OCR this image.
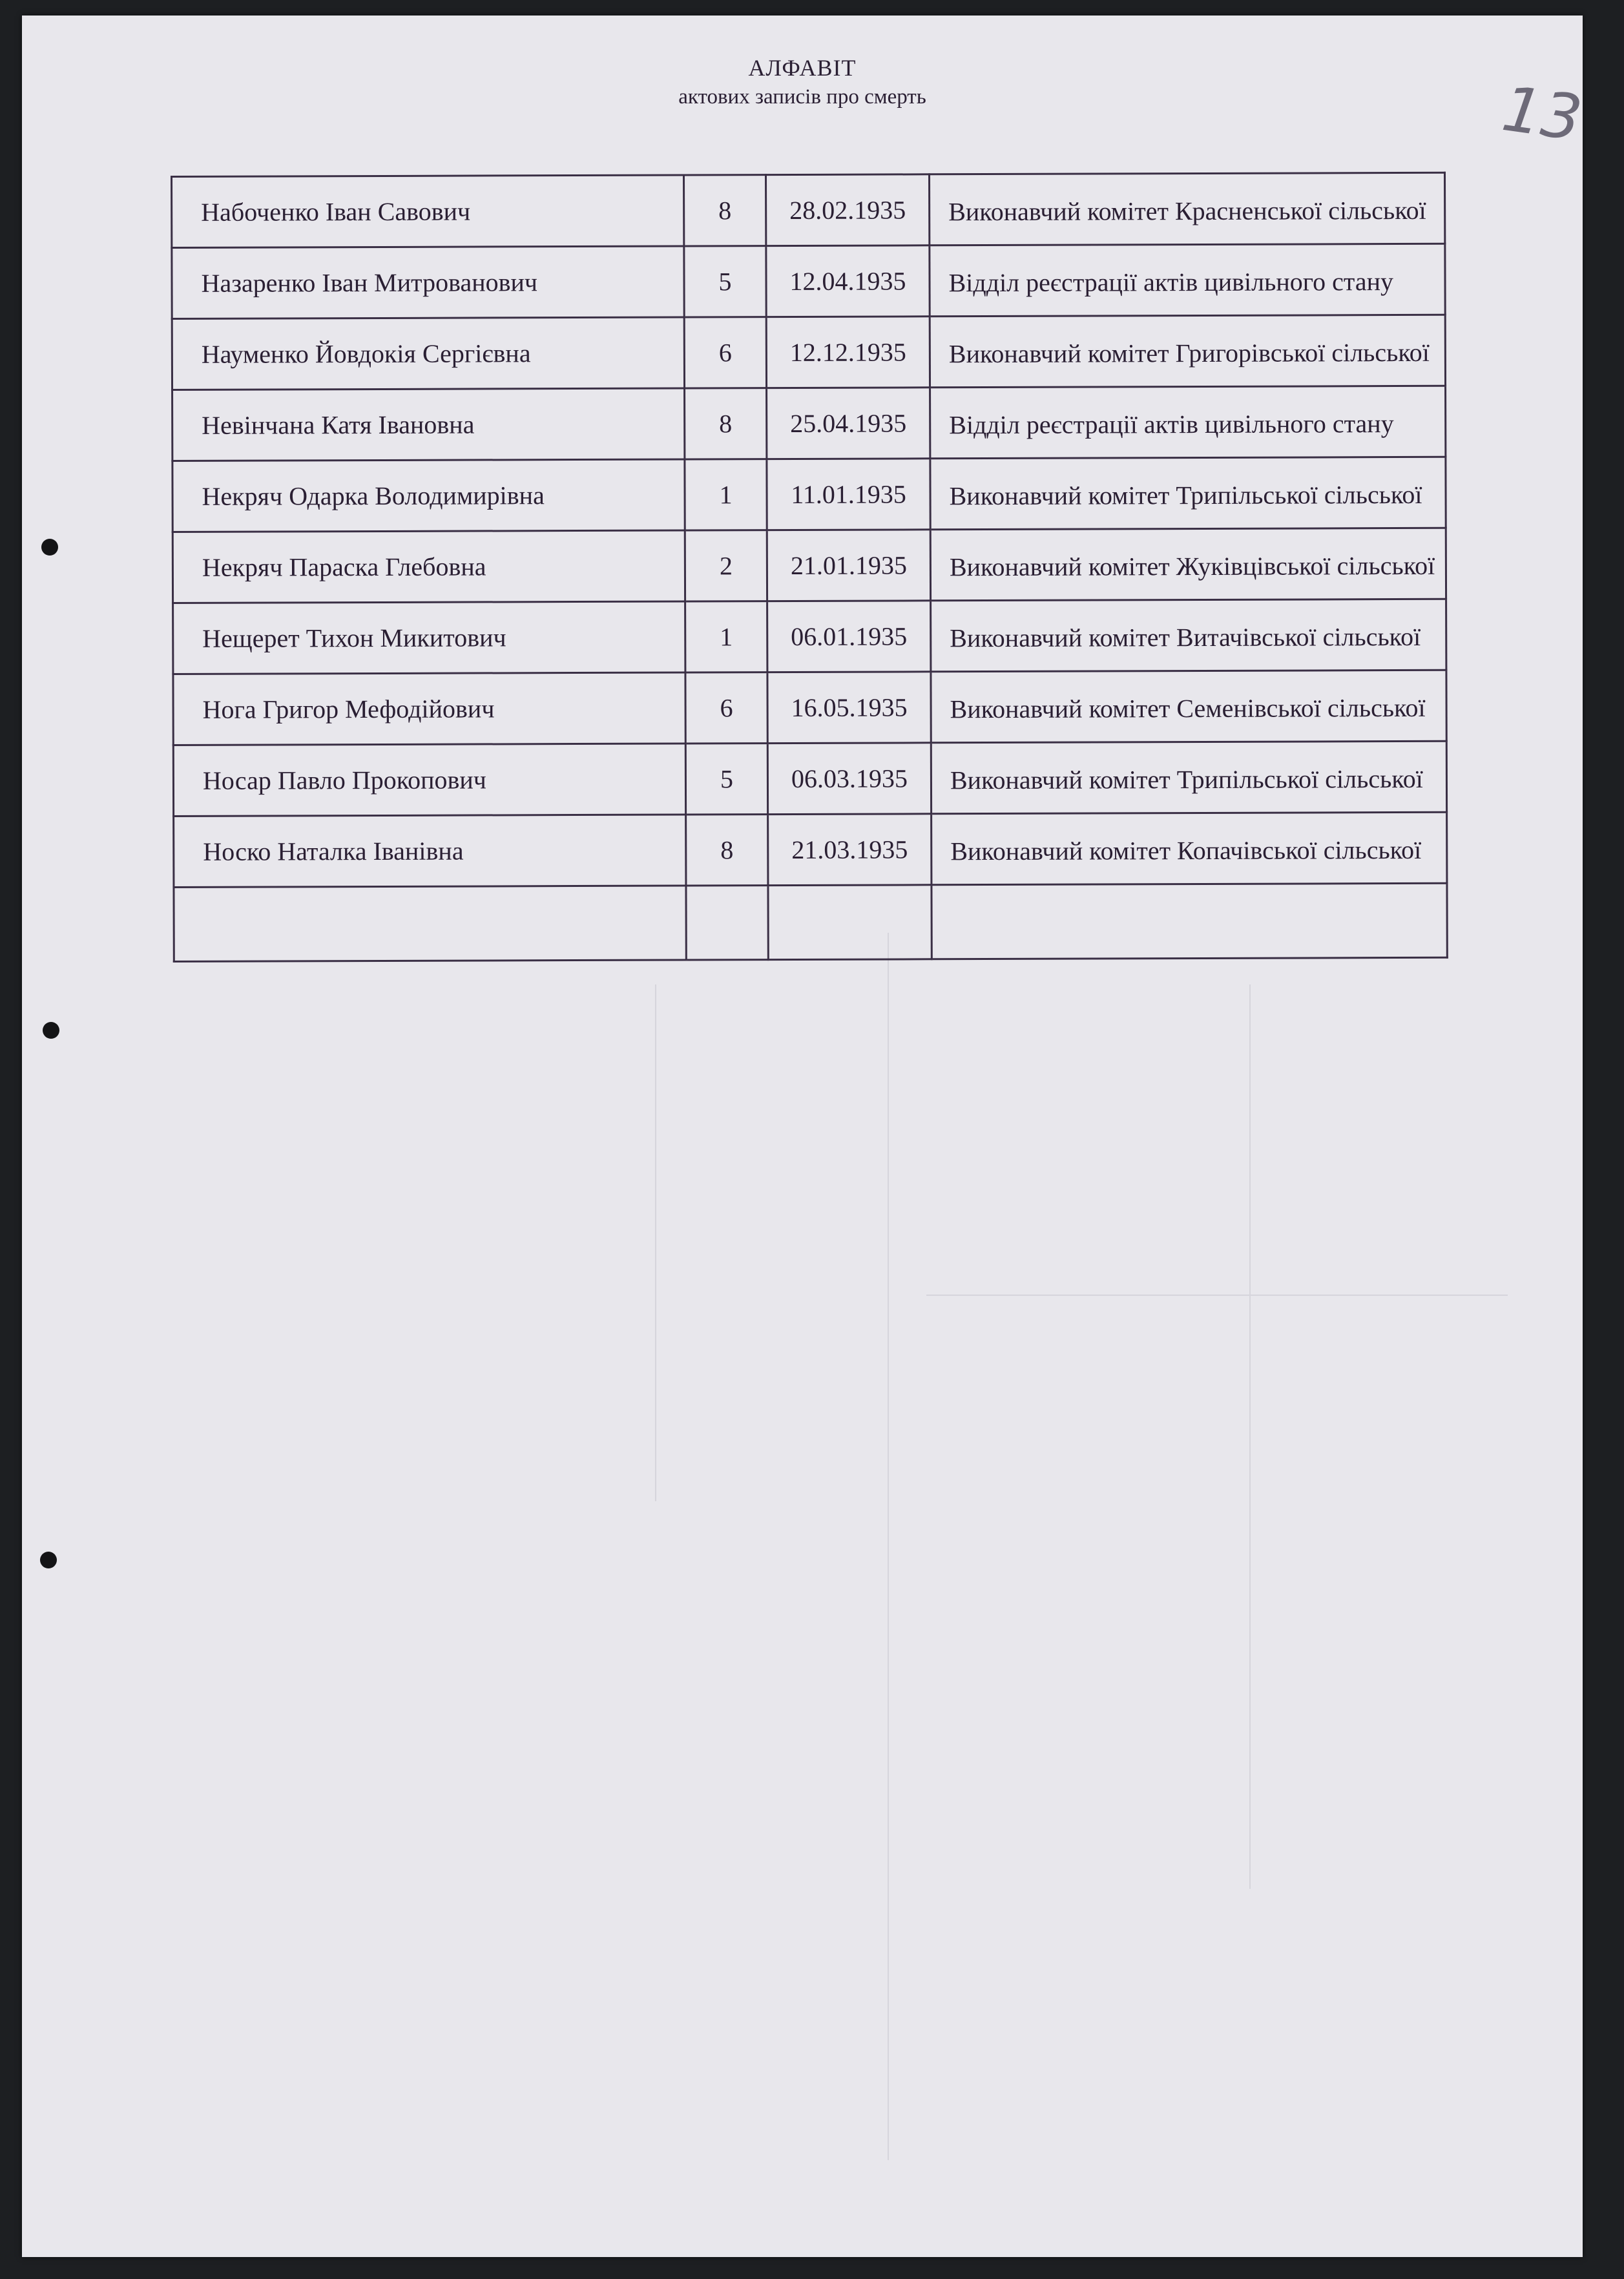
АЛФАВІТ
актових записів про смерть	13
Набоченко Іван Савович	8	28.02.1935	Виконавчий комітет Красненської сільської
Назаренко Іван Митрованович	5	12.04.1935	Відділ реєстрації актів цивільного стану
Науменко Йовдокія Сергієвна	6	12.12.1935	Виконавчий комітет Григорівської сільської
Невінчана Катя Івановна	8	25.04.1935	Відділ реєстрації актів цивільного стану
Некряч Одарка Володимирівна	1	11.01.1935	Виконавчий комітет Трипільської сільської
Некряч Параска Глебовна	2	21.01.1935	Виконавчий комітет Жуківцівської сільської
Нещерет Тихон Микитович	1	06.01.1935	Виконавчий комітет Витачівської сільської
Нога Григор Мефодійович	6	16.05.1935	Виконавчий комітет Семенівської сільської
Носар Павло Прокопович	5	06.03.1935	Виконавчий комітет Трипільської сільської
Носко Наталка Іванівна	8	21.03.1935	Виконавчий комітет Копачівської сільської
